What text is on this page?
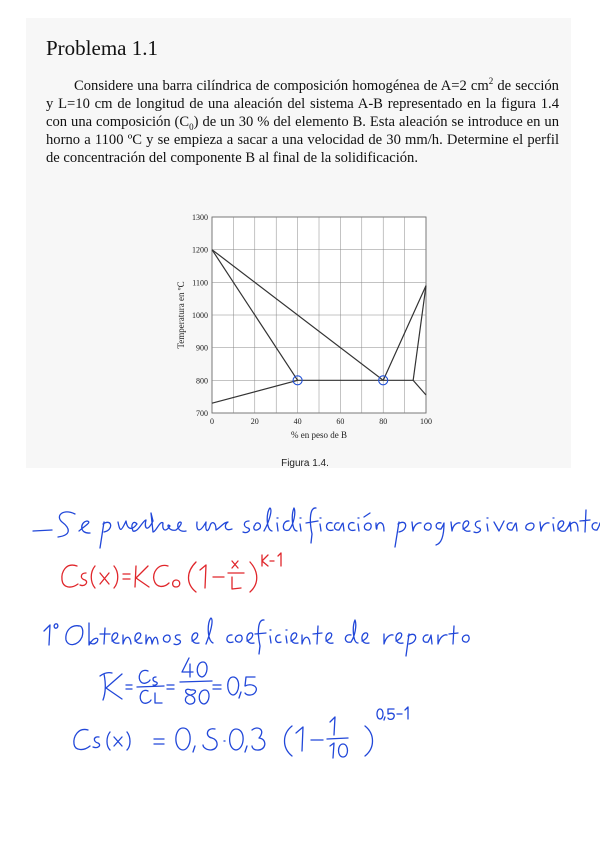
Problema 1.1

Considere una barra cilíndrica de composición homogénea de A=2 $cm^2$ de sección y L=10 cm de longitud de una aleación del sistema A-B representado en la figura 1.4 con una composición $(C_0)$ de un 30 % del elemento B. Esta aleación se introduce en un horno a 1100 ºC y se empieza a sacar a una velocidad de 30 mm/h. Determine el perfil de concentración del componente B al final de la solidificación.

0	20	40	60	80	100
700
800
900
1000
1100
1200
1300
% en peso de B
Temperatura en ºC
Figura 1.4.
